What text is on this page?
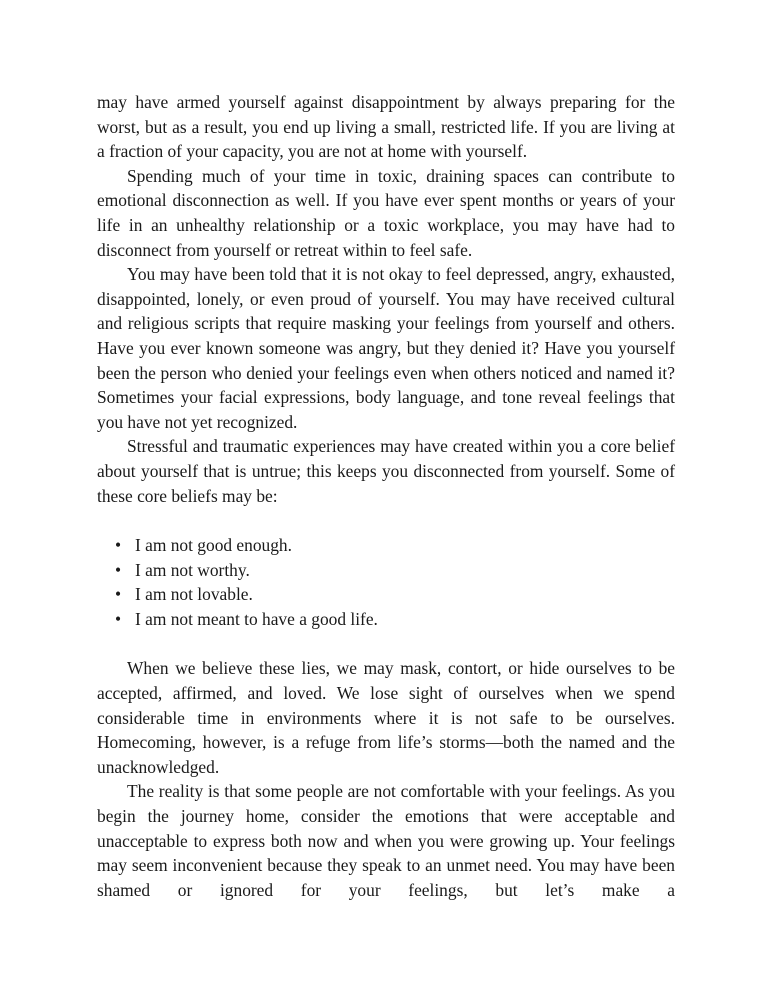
may have armed yourself against disappointment by always preparing for the worst, but as a result, you end up living a small, restricted life. If you are living at a fraction of your capacity, you are not at home with yourself.

Spending much of your time in toxic, draining spaces can contribute to emotional disconnection as well. If you have ever spent months or years of your life in an unhealthy relationship or a toxic workplace, you may have had to disconnect from yourself or retreat within to feel safe.

You may have been told that it is not okay to feel depressed, angry, exhausted, disappointed, lonely, or even proud of yourself. You may have received cultural and religious scripts that require masking your feelings from yourself and others. Have you ever known someone was angry, but they denied it? Have you yourself been the person who denied your feelings even when others noticed and named it? Sometimes your facial expressions, body language, and tone reveal feelings that you have not yet recognized.

Stressful and traumatic experiences may have created within you a core belief about yourself that is untrue; this keeps you disconnected from yourself. Some of these core beliefs may be:

• I am not good enough.
• I am not worthy.
• I am not lovable.
• I am not meant to have a good life.

When we believe these lies, we may mask, contort, or hide ourselves to be accepted, affirmed, and loved. We lose sight of ourselves when we spend considerable time in environments where it is not safe to be ourselves. Homecoming, however, is a refuge from life’s storms—both the named and the unacknowledged.

The reality is that some people are not comfortable with your feelings. As you begin the journey home, consider the emotions that were acceptable and unacceptable to express both now and when you were growing up. Your feelings may seem inconvenient because they speak to an unmet need. You may have been shamed or ignored for your feelings, but let’s make a
